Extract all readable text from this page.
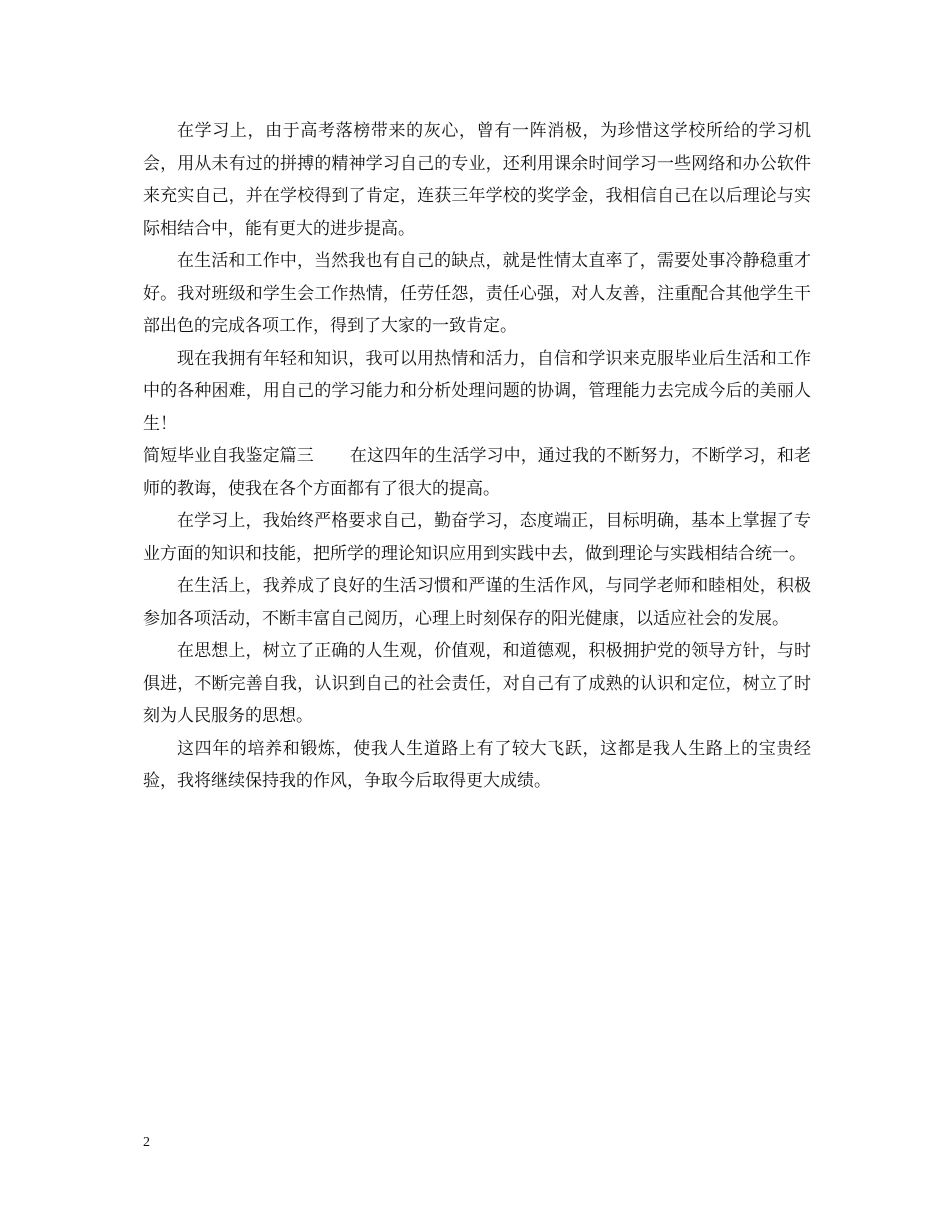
在学习上，由于高考落榜带来的灰心，曾有一阵消极，为珍惜这学校所给的学习机会，用从未有过的拼搏的精神学习自己的专业，还利用课余时间学习一些网络和办公软件来充实自己，并在学校得到了肯定，连获三年学校的奖学金，我相信自己在以后理论与实际相结合中，能有更大的进步提高。

在生活和工作中，当然我也有自己的缺点，就是性情太直率了，需要处事冷静稳重才好。我对班级和学生会工作热情，任劳任怨，责任心强，对人友善，注重配合其他学生干部出色的完成各项工作，得到了大家的一致肯定。

现在我拥有年轻和知识，我可以用热情和活力，自信和学识来克服毕业后生活和工作中的各种困难，用自己的学习能力和分析处理问题的协调，管理能力去完成今后的美丽人生！

简短毕业自我鉴定篇三 在这四年的生活学习中，通过我的不断努力，不断学习，和老师的教诲，使我在各个方面都有了很大的提高。

在学习上，我始终严格要求自己，勤奋学习，态度端正，目标明确，基本上掌握了专业方面的知识和技能，把所学的理论知识应用到实践中去，做到理论与实践相结合统一。

在生活上，我养成了良好的生活习惯和严谨的生活作风，与同学老师和睦相处，积极参加各项活动，不断丰富自己阅历，心理上时刻保存的阳光健康，以适应社会的发展。

在思想上，树立了正确的人生观，价值观，和道德观，积极拥护党的领导方针，与时俱进，不断完善自我，认识到自己的社会责任，对自己有了成熟的认识和定位，树立了时刻为人民服务的思想。

这四年的培养和锻炼，使我人生道路上有了较大飞跃，这都是我人生路上的宝贵经验，我将继续保持我的作风，争取今后取得更大成绩。

2
